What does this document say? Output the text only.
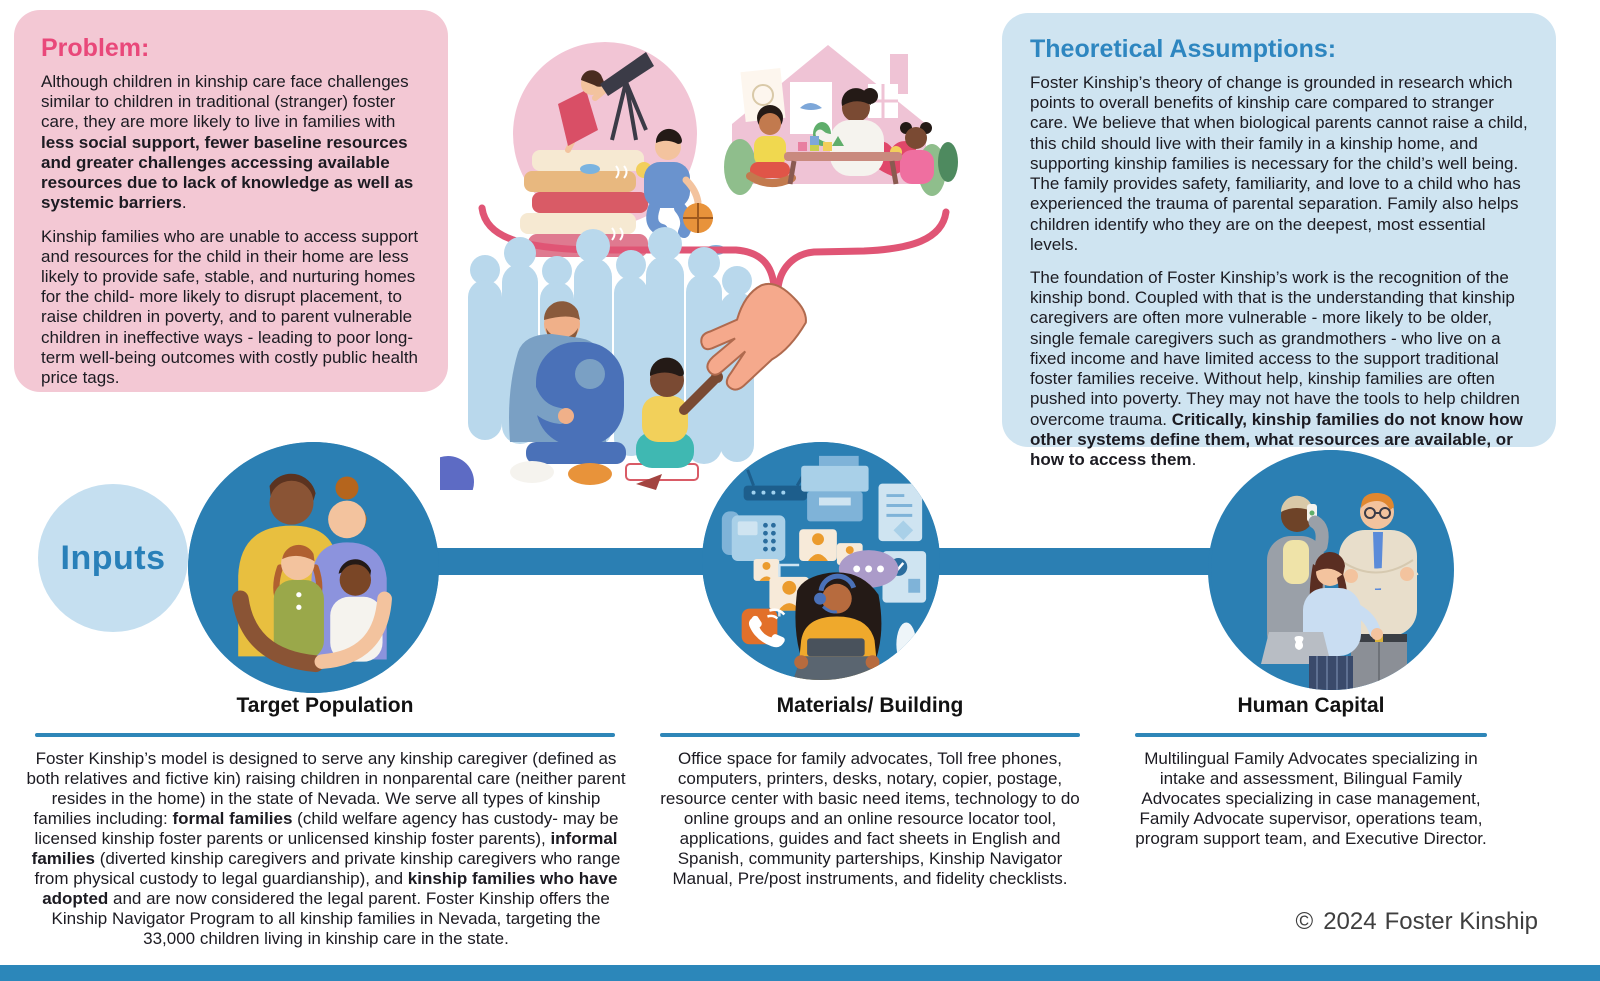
Problem:

Although children in kinship care face challenges similar to children in traditional (stranger) foster care, they are more likely to live in families with less social support, fewer baseline resources and greater challenges accessing available resources due to lack of knowledge as well as systemic barriers.

Kinship families who are unable to access support and resources for the child in their home are less likely to provide safe, stable, and nurturing homes for the child- more likely to disrupt placement, to raise children in poverty, and to parent vulnerable children in ineffective ways - leading to poor long-term well-being outcomes with costly public health price tags.

Theoretical Assumptions:

Foster Kinship’s theory of change is grounded in research which points to overall benefits of kinship care compared to stranger care. We believe that when biological parents cannot raise a child, this child should live with their family in a kinship home, and supporting kinship families is necessary for the child’s well being. The family provides safety, familiarity, and love to a child who has experienced the trauma of parental separation. Family also helps children identify who they are on the deepest, most essential levels.

The foundation of Foster Kinship’s work is the recognition of the kinship bond. Coupled with that is the understanding that kinship caregivers are often more vulnerable - more likely to be older, single female caregivers such as grandmothers - who live on a fixed income and have limited access to the support traditional foster families receive. Without help, kinship families are often pushed into poverty. They may not have the tools to help children overcome trauma. Critically, kinship families do not know how other systems define them, what resources are available, or how to access them.

Inputs
Target Population	Materials/ Building	Human Capital
Foster Kinship’s model is designed to serve any kinship caregiver (defined as both relatives and fictive kin) raising children in nonparental care (neither parent resides in the home) in the state of Nevada. We serve all types of kinship families including: formal families (child welfare agency has custody- may be licensed kinship foster parents or unlicensed kinship foster parents), informal families (diverted kinship caregivers and private kinship caregivers who range from physical custody to legal guardianship), and kinship families who have adopted and are now considered the legal parent. Foster Kinship offers the Kinship Navigator Program to all kinship families in Nevada, targeting the 33,000 children living in kinship care in the state.
Office space for family advocates, Toll free phones, computers, printers, desks, notary, copier, postage, resource center with basic need items, technology to do online groups and an online resource locator tool, applications, guides and fact sheets in English and Spanish, community parterships, Kinship Navigator Manual, Pre/post instruments, and fidelity checklists.
Multilingual Family Advocates specializing in intake and assessment, Bilingual Family Advocates specializing in case management, Family Advocate supervisor, operations team, program support team, and Executive Director.
© 2024 Foster Kinship
